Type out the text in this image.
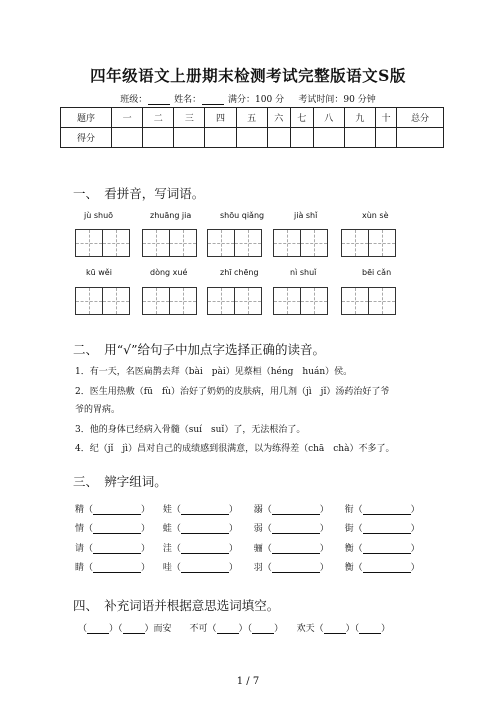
四年级语文上册期末检测考试完整版语文S版
班级：	姓名：	满分：100 分 考试时间：90 分钟
题序	一	二	三	四	五	六	七	八	九	十	总分
得分											
一、　看拼音，写词语。
jù shuō	zhuāng jia	shōu qiǎng	jià shǐ	xùn sè
kū wěi	dòng xué	zhī chēng	nì shuǐ	bēi cǎn
二、　用“√”给句子中加点字选择正确的读音。
1．有一天，名医扁鹊去拜（bài　pài）见蔡桓（héng　huán）侯。
2．医生用热敷（fū　fù）治好了奶奶的皮肤病，用几剂（jì　jǐ）汤药治好了爷
爷的胃病。
3．他的身体已经病入骨髓（suí　suǐ）了，无法根治了。
4．纪（jǐ　jì）昌对自己的成绩感到很满意，以为练得差（chā　chà）不多了。
三、　辨字组词。
精（	） 娃（	） 溺（	） 衔（	）
情（	） 蛙（	） 弱（	） 街（	）
请（	） 洼（	） 骊（	） 衡（	）
睛（	） 哇（	） 羽（	） 衡（	）
四、　补充词语并根据意思选词填空。
（ ）（ ）而安　　不可（ ）（ ）　　欢天（ ）（ ）
1 / 7
